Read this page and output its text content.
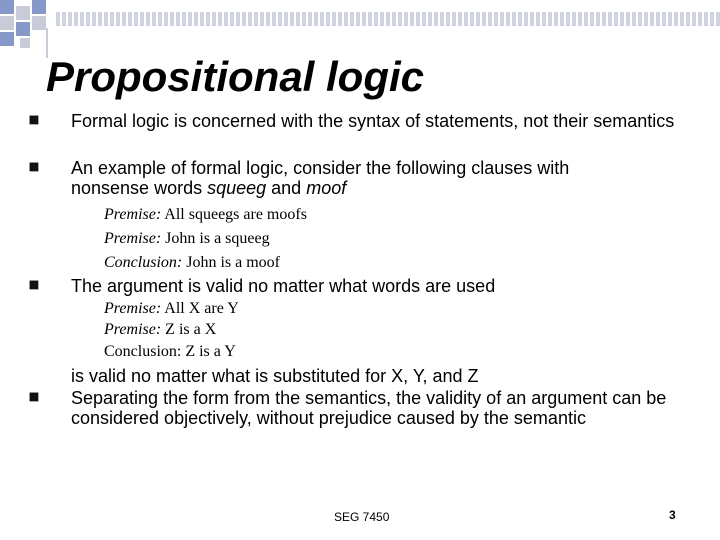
Propositional logic
Formal logic is concerned with the syntax of statements, not their semantics
An example of formal logic, consider the following clauses with
nonsense words squeeg and moof
Premise: All squeegs are moofs
Premise: John is a squeeg
Conclusion: John is a moof
The argument is valid no matter what words are used
Premise: All X are Y
Premise: Z is a X
Conclusion: Z is a Y
is valid no matter what is substituted for X, Y, and Z
Separating the form from the semantics, the validity of an argument can be considered objectively, without prejudice caused by the semantic
SEG 7450	3
